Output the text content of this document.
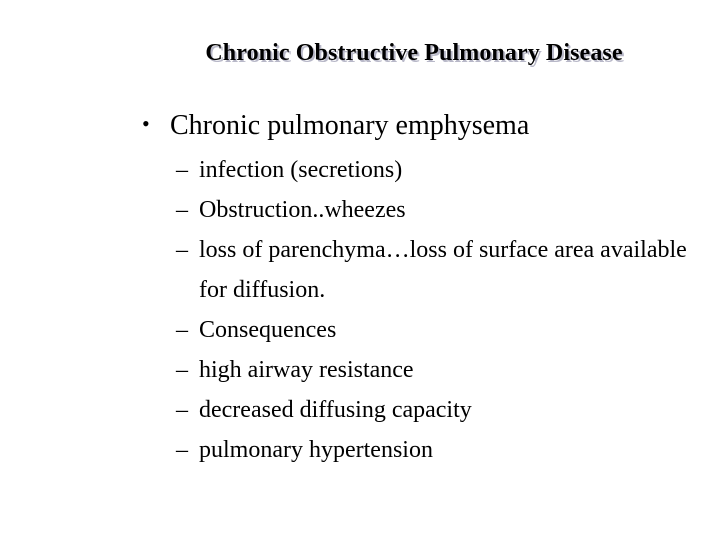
Chronic Obstructive Pulmonary Disease
• Chronic pulmonary emphysema
– infection (secretions)
– Obstruction..wheezes
– loss of parenchyma…loss of surface area available for diffusion.
– Consequences
– high airway resistance
– decreased diffusing capacity
– pulmonary hypertension
